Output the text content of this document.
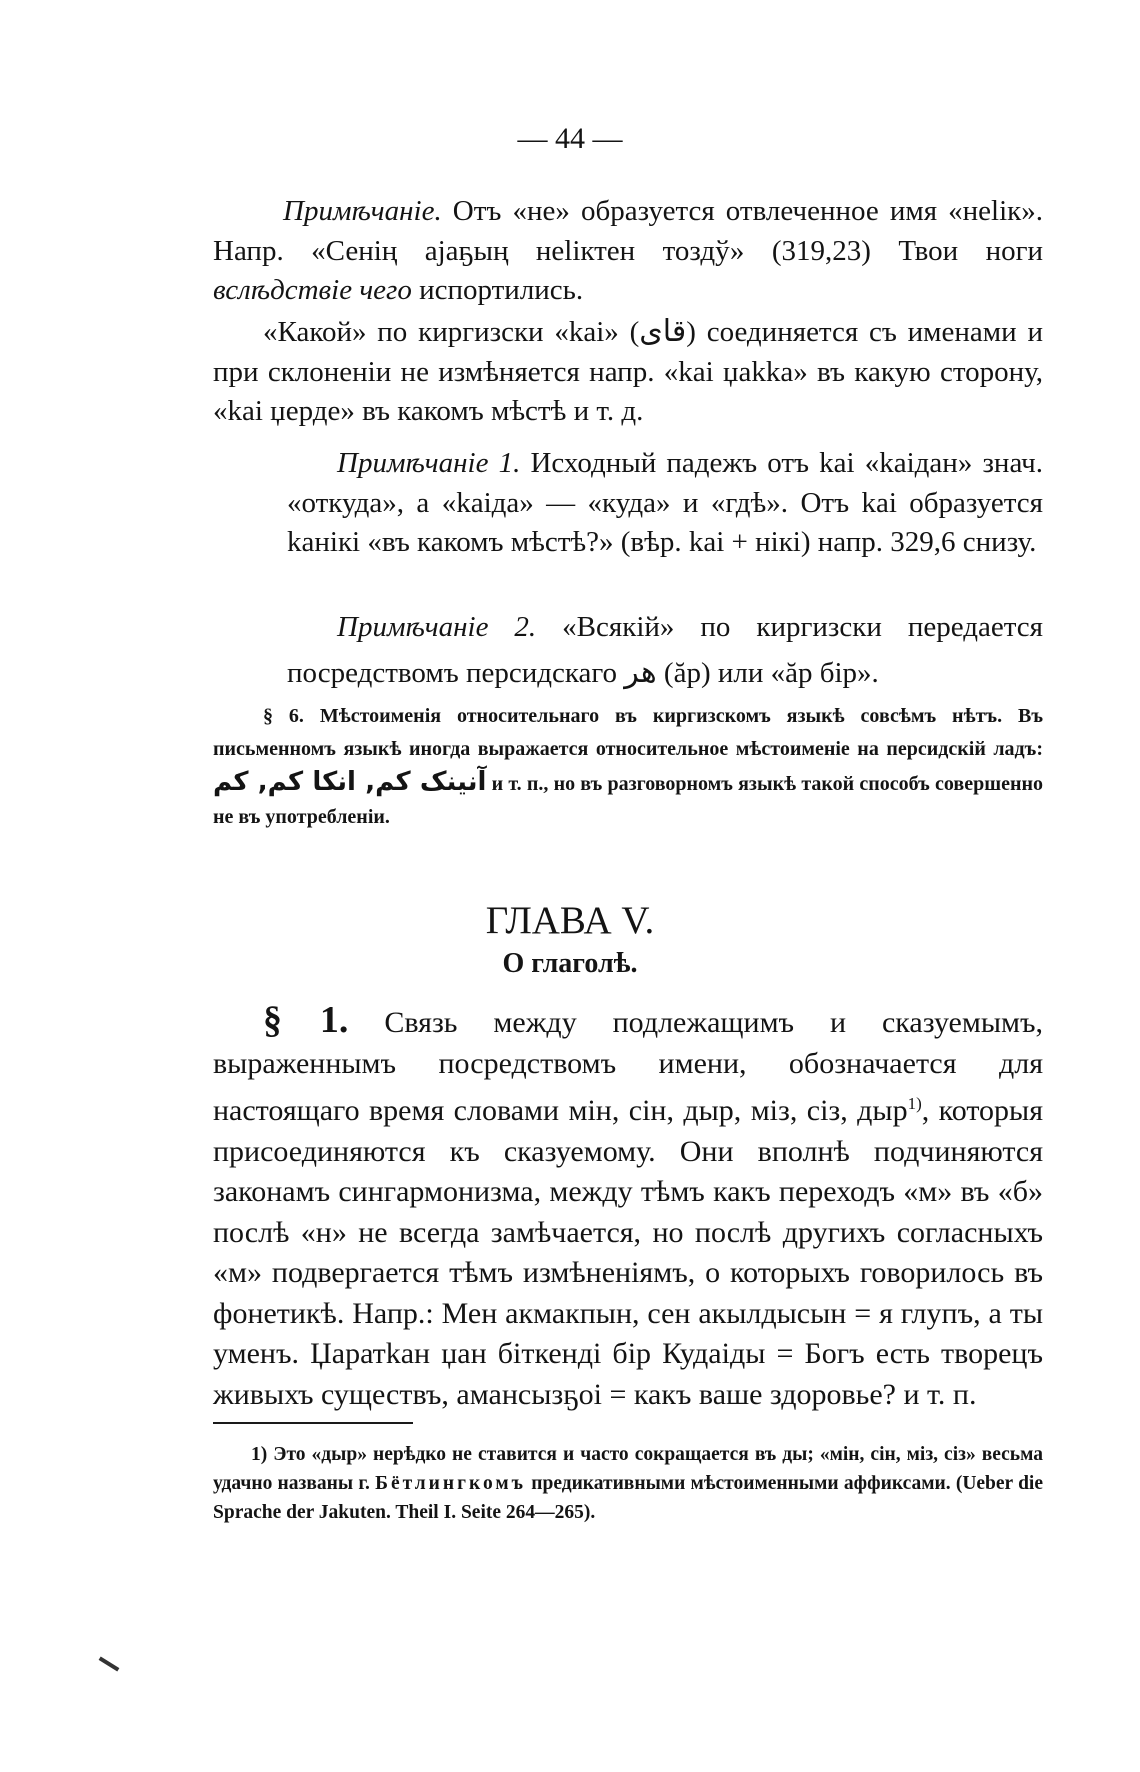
— 44 —

Примѣчаніе. Отъ «не» образуется отвлеченное имя «неlік». Напр. «Сенің ајаҕың неlіктен тоздў» (319,23) Твои ноги вслѣдствіе чего испортились.

«Какой» по киргизски «kai» (قای) соединяется съ именами и при склоненіи не измѣняется напр. «kai џakka» въ какую сторону, «kai џерде» въ какомъ мѣстѣ и т. д.

Примѣчаніе 1. Исходный падежъ отъ kai «kaiдан» знач. «откуда», а «kaiда» — «куда» и «гдѣ». Отъ kai образуется kaнікі «въ какомъ мѣстѣ?» (вѣр. kai + нікі) напр. 329,6 снизу.

Примѣчаніе 2. «Всякій» по киргизски передается посредствомъ персидскаго هر (ăр) или «ăр біp».

§ 6. Мѣстоименія относительнаго въ киргизскомъ языкѣ совсѣмъ нѣтъ. Въ письменномъ языкѣ иногда выражается относительное мѣстоименіе на персидскій ладъ: آنینک کم, انکا کم, کم и т. п., но въ разговорномъ языкѣ такой способъ совершенно не въ употребленіи.

ГЛАВА V.
О глаголѣ.

§ 1. Связь между подлежащимъ и сказуемымъ, выраженнымъ посредствомъ имени, обозначается для настоящаго время словами мін, сін, дыр, міз, сіз, дыр$^{1)}$, которыя присоединяются къ сказуемому. Они вполнѣ подчиняются законамъ сингармонизма, между тѣмъ какъ переходъ «м» въ «б» послѣ «н» не всегда замѣчается, но послѣ другихъ согласныхъ «м» подвергается тѣмъ измѣненіямъ, о которыхъ говорилось въ фонетикѣ. Напр.: Мен акмакпын, сен акылдысын = я глупъ, а ты уменъ. Џаратkан џан біткенді бір Кудаіды = Богъ есть творецъ живыхъ существъ, амансызҕоі = какъ ваше здоровье? и т. п.

1) Это «дыр» нерѣдко не ставится и часто сокращается въ ды; «мін, сін, міз, сіз» весьма удачно названы г. Бётлингкомъ предикативными мѣстоименными аффиксами. (Ueber die Sprache der Jakuten. Theil I. Seite 264—265).
